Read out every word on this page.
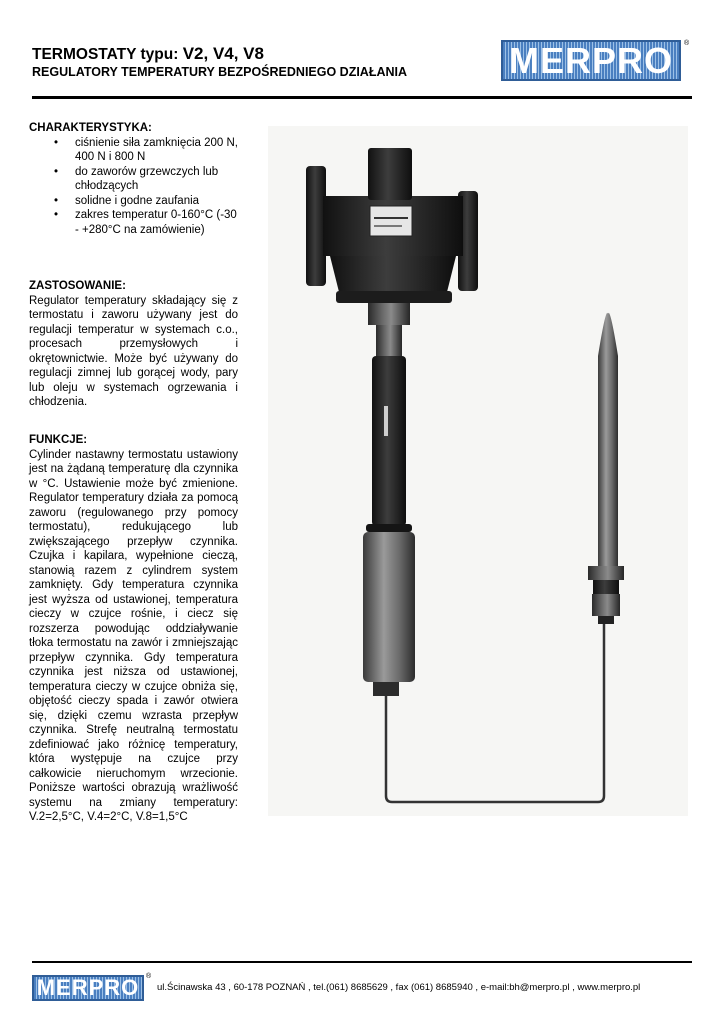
TERMOSTATY typu: V2, V4, V8
REGULATORY TEMPERATURY BEZPOŚREDNIEGO DZIAŁANIA	MERPRO ®

CHARAKTERYSTYKA:

• ciśnienie siła zamknięcia 200 N, 400 N i 800 N
• do zaworów grzewczych lub chłodzących
• solidne i godne zaufania
• zakres temperatur 0-160°C (-30 - +280°C na zamówienie)

ZASTOSOWANIE:

Regulator temperatury składający się z termostatu i zaworu używany jest do regulacji temperatur w systemach c.o., procesach przemysłowych i okrętownictwie. Może być używany do regulacji zimnej lub gorącej wody, pary lub oleju w systemach ogrzewania i chłodzenia.

FUNKCJE:

Cylinder nastawny termostatu ustawiony jest na żądaną temperaturę dla czynnika w °C. Ustawienie może być zmienione. Regulator temperatury działa za pomocą zaworu (regulowanego przy pomocy termostatu), redukującego lub zwiększającego przepływ czynnika. Czujka i kapilara, wypełnione cieczą, stanowią razem z cylindrem system zamknięty. Gdy temperatura czynnika jest wyższa od ustawionej, temperatura cieczy w czujce rośnie, i ciecz się rozszerza powodując oddziaływanie tłoka termostatu na zawór i zmniejszając przepływ czynnika. Gdy temperatura czynnika jest niższa od ustawionej, temperatura cieczy w czujce obniża się, objętość cieczy spada i zawór otwiera się, dzięki czemu wzrasta przepływ czynnika. Strefę neutralną termostatu zdefiniować jako różnicę temperatury, która występuje na czujce przy całkowicie nieruchomym wrzecionie. Poniższe wartości obrazują wrażliwość systemu na zmiany temperatury: V.2=2,5°C, V.4=2°C, V.8=1,5°C

MERPRO ®
ul.Ścinawska 43 , 60-178 POZNAŃ , tel.(061) 8685629 , fax (061) 8685940 , e-mail:bh@merpro.pl , www.merpro.pl
